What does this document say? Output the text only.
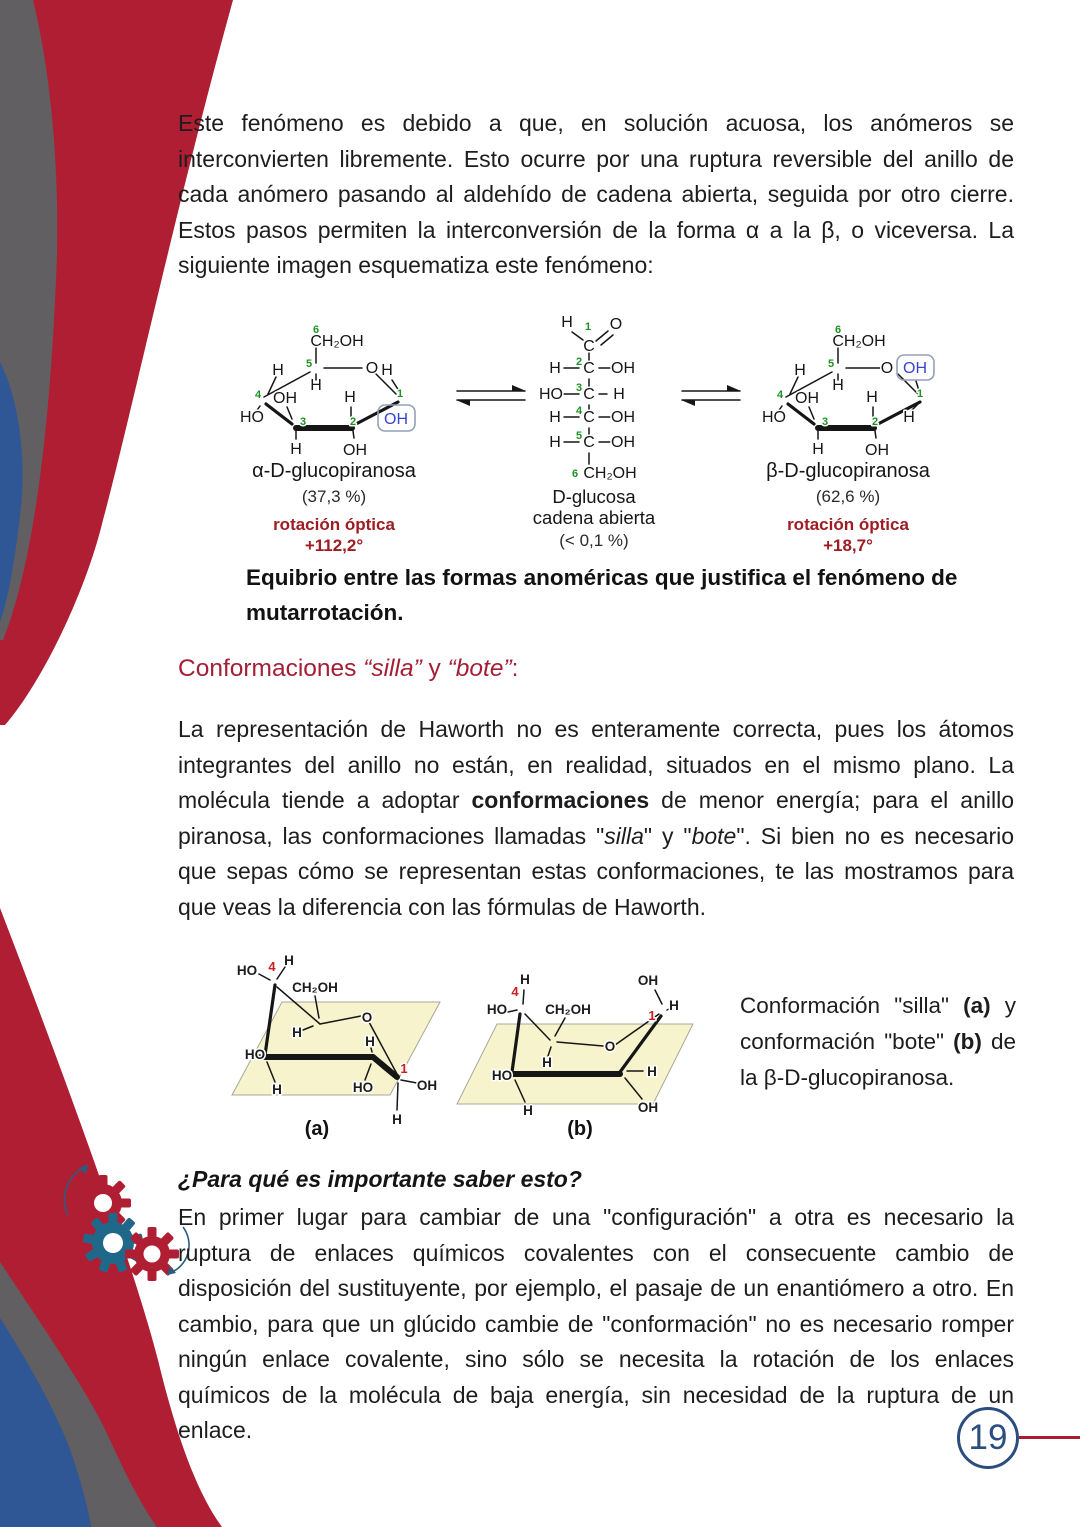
Este fenómeno es debido a que, en solución acuosa, los anómeros se interconvierten libremente. Esto ocurre por una ruptura reversible del anillo de cada anómero pasando al aldehído de cadena abierta, seguida por otro cierre. Estos pasos permiten la interconversión de la forma α a la β, o viceversa. La siguiente imagen esquematiza este fenómeno:

6
CH₂OH
H 5	O H
H
4 OH	H	1
HO	3	2 OH
H	OH
α-D-glucopiranosa
(37,3 %)
rotación óptica
+112,2°
H 1 O
C
2
H C OH
3
HO C H
4
H C OH
5
H C OH
6 CH₂OH
D-glucosa
cadena abierta
(< 0,1 %)
6
CH₂OH
H 5	O OH
H
4 OH	H	1
HO	3	2 H
H	OH
β-D-glucopiranosa
(62,6 %)
rotación óptica
+18,7°
Equibrio entre las formas anoméricas que justifica el fenómeno de mutarrotación.
Conformaciones “silla” y “bote”:

La representación de Haworth no es enteramente correcta, pues los átomos integrantes del anillo no están, en realidad, situados en el mismo plano. La molécula tiende a adoptar conformaciones de menor energía; para el anillo piranosa, las conformaciones llamadas "silla" y "bote". Si bien no es necesario que sepas cómo se representan estas conformaciones, te las mostramos para que veas la diferencia con las fórmulas de Haworth.

HO 4 H
CH₂OH
H
O
HO
H
H
HO
1
OH
H
(a)
H
4
HO	CH₂OH
OH
1
H
H
O
HO	H
H	OH
(b)
Conformación "silla" (a) y conformación "bote" (b) de la β-D-glucopiranosa.
¿Para qué es importante saber esto?

En primer lugar para cambiar de una "configuración" a otra es necesario la ruptura de enlaces químicos covalentes con el consecuente cambio de disposición del sustituyente, por ejemplo, el pasaje de un enantiómero a otro. En cambio, para que un glúcido cambie de "conformación" no es necesario romper ningún enlace covalente, sino sólo se necesita la rotación de los enlaces químicos de la molécula de baja energía, sin necesidad de la ruptura de un enlace.	19
